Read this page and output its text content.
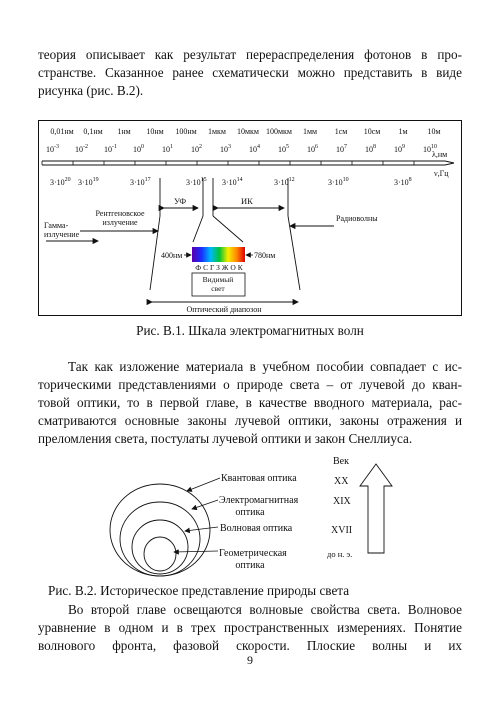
теория описывает как результат перераспределения фотонов в про-
странстве. Сказанное ранее схематически можно представить в виде
рисунка (рис. В.2).
0,01нм 0,1нм 1нм 10нм 100нм 1мкм 10мкм 100мкм 1мм 1см 10см 1м 10м
$10^{-3}$ $10^{-2}$ $10^{-1}$ $10^0$ $10^1$ $10^2$ $10^3$ $10^4$ $10^5$ $10^6$ $10^7$ $10^8$ $10^9$ $10^{10}$
λ,нм
ν,Гц
$3\cdot 10^{20}$ $3\cdot 10^{19}$	$3\cdot 10^{17}$	$3\cdot 10^{15}$ $3\cdot 10^{14}$	$3\cdot 10^{12}$	$3\cdot 10^{10}$	$3\cdot 10^8$
УФ	ИК
Рентгеновское
излучение
Гамма-
излучение
Радиоволны
400нм	780нм
Ф С Г З Ж О К
Видимый
свет
Оптический диапозон
Рис. В.1. Шкала электромагнитных волн
Так как изложение материала в учебном пособии совпадает с ис-
торическими представлениями о природе света – от лучевой до кван-
товой оптики, то в первой главе, в качестве вводного материала, рас-
сматриваются основные законы лучевой оптики, законы отражения и
преломления света, постулаты лучевой оптики и закон Снеллиуса.
Квантовая оптика
Электромагнитная
оптика
Волновая оптика
Геометрическая
оптика
Век
XX
XIX
XVII
до н. э.
Рис. В.2. Историческое представление природы света
Во второй главе освещаются волновые свойства света. Волновое
уравнение в одном и в трех пространственных измерениях. Понятие
волнового фронта, фазовой скорости. Плоские волны и их
9
